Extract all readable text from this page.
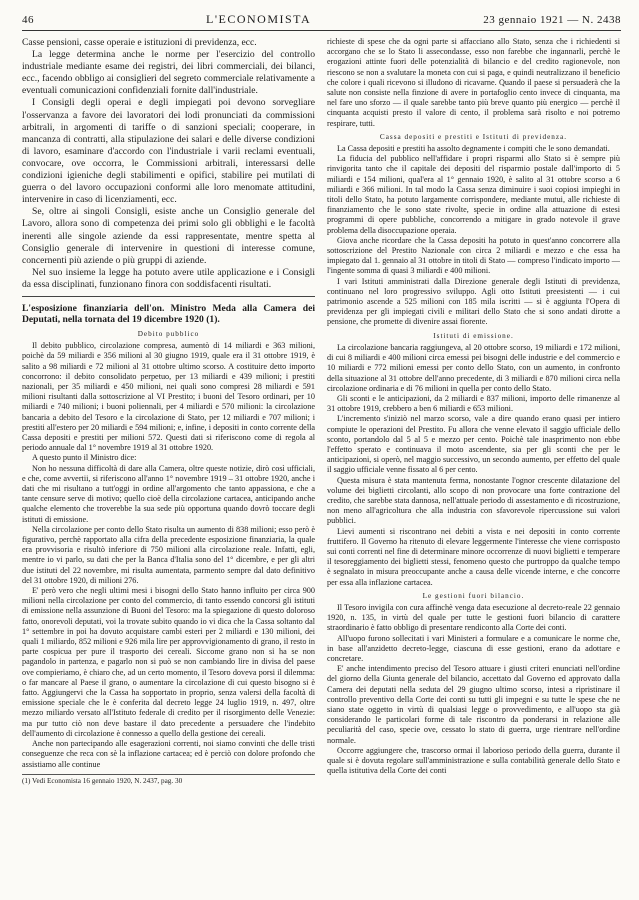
46	L'ECONOMISTA	23 gennaio 1921 — N. 2438

Casse pensioni, casse operaie e istituzioni di previdenza, ecc.

La legge determina anche le norme per l'esercizio del controllo industriale mediante esame dei registri, dei libri commerciali, dei bilanci, ecc., facendo obbligo ai consiglieri del segreto commerciale relativamente a eventuali comunicazioni confidenziali fornite dall'industriale.

I Consigli degli operai e degli impiegati poi devono sorvegliare l'osservanza a favore dei lavoratori dei lodi pronunciati da commissioni arbitrali, in argomenti di tariffe o di sanzioni speciali; cooperare, in mancanza di contratti, alla stipulazione dei salari e delle diverse condizioni di lavoro, esaminare d'accordo con l'industriale i varii reclami eventuali, convocare, ove occorra, le Commissioni arbitrali, interessarsi delle condizioni igieniche degli stabilimenti e opifici, stabilire pei mutilati di guerra o del lavoro occupazioni conformi alle loro menomate attitudini, intervenire in caso di licenziamenti, ecc.

Se, oltre ai singoli Consigli, esiste anche un Consiglio generale del Lavoro, allora sono di competenza dei primi solo gli obblighi e le facoltà inerenti alle singole aziende da essi rappresentate, mentre spetta al Consiglio generale di intervenire in questioni di interesse comune, concernenti più aziende o più gruppi di aziende.

Nel suo insieme la legge ha potuto avere utile applicazione e i Consigli da essa disciplinati, funzionano finora con soddisfacenti risultati.

L'esposizione finanziaria dell'on. Ministro Meda alla Camera dei Deputati, nella tornata del 19 dicembre 1920 (1).
Debito pubblico

Il debito pubblico, circolazione compresa, aumentò di 14 miliardi e 363 milioni, poichè da 59 miliardi e 356 milioni al 30 giugno 1919, quale era il 31 ottobre 1919, è salito a 98 miliardi e 72 milioni al 31 ottobre ultimo scorso. A costituire detto importo concorrono: il debito consolidato perpetuo, per 13 miliardi e 439 milioni; i prestiti nazionali, per 35 miliardi e 450 milioni, nei quali sono compresi 28 miliardi e 591 milioni risultanti dalla sottoscrizione al VI Prestito; i buoni del Tesoro ordinari, per 10 miliardi e 740 milioni; i buoni poliennali, per 4 miliardi e 570 milioni: la circolazione bancaria a debito del Tesoro e la circolazione di Stato, per 12 miliardi e 707 milioni; i prestiti all'estero per 20 miliardi e 594 milioni; e, infine, i depositi in conto corrente della Cassa depositi e prestiti per milioni 572. Questi dati si riferiscono come di regola al periodo annuale dal 1° novembre 1919 al 31 ottobre 1920.

A questo punto il Ministro dice:

Non ho nessuna difficoltà di dare alla Camera, oltre queste notizie, dirò così ufficiali, e che, come avvertii, si riferiscono all'anno 1° novembre 1919 – 31 ottobre 1920, anche i dati che mi risultano a tutt'oggi in ordine all'argomento che tanto appassiona, e che a tante censure serve di motivo; quello cioè della circolazione cartacea, anticipando anche qualche elemento che troverebbe la sua sede più opportuna quando dovrò toccare degli istituti di emissione.

Nella circolazione per conto dello Stato risulta un aumento di 838 milioni; esso però è figurativo, perchè rapportato alla cifra della precedente esposizione finanziaria, la quale era provvisoria e risultò inferiore di 750 milioni alla circolazione reale. Infatti, egli, mentre io vi parlo, su dati che per la Banca d'Italia sono del 1° dicembre, e per gli altri due istituti del 22 novembre, mi risulta aumentata, parmento sempre dal dato definitivo del 31 ottobre 1920, di milioni 276.

E' però vero che negli ultimi mesi i bisogni dello Stato hanno influito per circa 900 milioni nella circolazione per conto del commercio, di tanto essendo concorsi gli istituti di emissione nella assunzione di Buoni del Tesoro: ma la spiegazione di questo doloroso fatto, onorevoli deputati, voi la trovate subito quando io vi dica che la Cassa soltanto dal 1° settembre in poi ha dovuto acquistare cambi esteri per 2 miliardi e 130 milioni, dei quali 1 miliardo, 852 milioni e 926 mila lire per approvvigionamento di grano, il resto in parte cospicua per pure il trasporto dei cereali. Siccome grano non si ha se non pagandolo in partenza, e pagarlo non si può se non cambiando lire in divisa del paese ove compieriamo, è chiaro che, ad un certo momento, il Tesoro doveva porsi il dilemma: o far mancare al Paese il grano, o aumentare la circolazione di cui questo bisogno si è fatto. Aggiungervi che la Cassa ha sopportato in proprio, senza valersi della facoltà di emissione speciale che le è conferita dal decreto legge 24 luglio 1919, n. 497, oltre mezzo miliardo versato all'Istituto federale di credito per il risorgimento delle Venezie: ma pur tutto ciò non deve bastare il dato precedente a persuadere che l'indebito dell'aumento di circolazione è connesso a quello della gestione dei cereali.

Anche non partecipando alle esagerazioni correnti, noi siamo convinti che delle tristi conseguenze che reca con sè la inflazione cartacea; ed è perciò con dolore profondo che assistiamo alle continue

(1) Vedi Economista 16 gennaio 1920, N. 2437, pag. 30

richieste di spese che da ogni parte si affacciano allo Stato, senza che i richiedenti si accorgano che se lo Stato li assecondasse, esso non farebbe che ingannarli, perchè le erogazioni attinte fuori delle potenzialità di bilancio e del credito ragionevole, non riescono se non a svalutare la moneta con cui si paga, e quindi neutralizzano il beneficio che colore i quali ricevono si illudono di ricavarne. Quando il paese si persuaderà che la salute non consiste nella finzione di avere in portafoglio cento invece di cinquanta, ma nel fare uno sforzo — il quale sarebbe tanto più breve quanto più energico — perchè il cinquanta acquisti presto il valore di cento, il problema sarà risolto e noi potremo respirare, tutti.

Cassa depositi e prestiti e Istituti di previdenza.

La Cassa depositi e prestiti ha assolto degnamente i compiti che le sono demandati.

La fiducia del pubblico nell'affidare i propri risparmi allo Stato si è sempre più rinvigorita tanto che il capitale dei depositi del risparmio postale dall'importo di 5 miliardi e 154 milioni, qual'era al 1° gennaio 1920, è salito al 31 ottobre scorso a 6 miliardi e 366 milioni. In tal modo la Cassa senza diminuire i suoi copiosi impieghi in titoli dello Stato, ha potuto largamente corrispondere, mediante mutui, alle richieste di finanziamento che le sono state rivolte, specie in ordine alla attuazione di estesi programmi di opere pubbliche, concorrendo a mitigare in grado notevole il grave problema della disoccupazione operaia.

Giova anche ricordare che la Cassa depositi ha potuto in quest'anno concorrere alla sottoscrizione del Prestito Nazionale con circa 2 miliardi e mezzo e che essa ha impiegato dal 1. gennaio al 31 ottobre in titoli di Stato — compreso l'indicato importo — l'ingente somma di quasi 3 miliardi e 400 milioni.

I vari Istituti amministrati dalla Direzione generale degli Istituti di previdenza, continuano nel loro progressivo sviluppo. Agli otto Istituti preesistenti — i cui patrimonio ascende a 525 milioni con 185 mila iscritti — si è aggiunta l'Opera di previdenza per gli impiegati civili e militari dello Stato che si sono andati dirotte a pensione, che promette di divenire assai fiorente.

Istituti di emissione.

La circolazione bancaria raggiungeva, al 20 ottobre scorso, 19 miliardi e 172 milioni, di cui 8 miliardi e 400 milioni circa emessi pei bisogni delle industrie e del commercio e 10 miliardi e 772 milioni emessi per conto dello Stato, con un aumento, in confronto della situazione al 31 ottobre dell'anno precedente, di 3 miliardi e 870 milioni circa nella circolazione ordinaria e di 76 milioni in quella per conto dello Stato.

Gli sconti e le anticipazioni, da 2 miliardi e 837 milioni, importo delle rimanenze al 31 ottobre 1919, crebbero a ben 6 miliardi e 653 milioni.

L'incremento s'iniziò nel marzo scorso, vale a dire quando erano quasi per intiero compiute le operazioni del Prestito. Fu allora che venne elevato il saggio ufficiale dello sconto, portandolo dal 5 al 5 e mezzo per cento. Poichè tale inasprimento non ebbe l'effetto sperato e continuava il moto ascendente, sia per gli sconti che per le anticipazioni, si operò, nel maggio successivo, un secondo aumento, per effetto del quale il saggio ufficiale venne fissato al 6 per cento.

Questa misura è stata mantenuta ferma, nonostante l'ognor crescente dilatazione del volume dei biglietti circolanti, allo scopo di non provocare una forte contrazione del credito, che sarebbe stata dannosa, nell'attuale periodo di assestamento e di ricostruzione, non meno all'agricoltura che alla industria con sfavorevole ripercussione sui valori pubblici.

Lievi aumenti si riscontrano nei debiti a vista e nei depositi in conto corrente fruttifero. Il Governo ha ritenuto di elevare leggermente l'interesse che viene corrisposto sui conti correnti nel fine di determinare minore occorrenze di nuovi biglietti e temperare il tesoreggiamento dei biglietti stessi, fenomeno questo che purtroppo da qualche tempo è segnalato in misura preoccupante anche a causa delle vicende interne, e che concorre per essa alla inflazione cartacea.

Le gestioni fuori bilancio.

Il Tesoro invigila con cura affinchè venga data esecuzione al decreto-reale 22 gennaio 1920, n. 135, in virtù del quale per tutte le gestioni fuori bilancio di carattere straordinario è fatto obbligo di presentare rendiconto alla Corte dei conti.

All'uopo furono sollecitati i vari Ministeri a formulare e a comunicare le norme che, in base all'anzidetto decreto-legge, ciascuna di esse gestioni, erano da adottare e concretare.

E' anche intendimento preciso del Tesoro attuare i giusti criteri enunciati nell'ordine del giorno della Giunta generale del bilancio, accettato dal Governo ed approvato dalla Camera dei deputati nella seduta del 29 giugno ultimo scorso, intesi a ripristinare il controllo preventivo della Corte dei conti su tutti gli impegni e su tutte le spese che ne siano state oggetto in virtù di qualsiasi legge o provvedimento, e all'uopo sta già considerando le particolari forme di tale riscontro da ponderarsi in relazione alle peculiarità del caso, specie ove, cessato lo stato di guerra, urge rientrare nell'ordine normale.

Occorre aggiungere che, trascorso ormai il laborioso periodo della guerra, durante il quale si è dovuta regolare sull'amministrazione e sulla contabilità generale dello Stato e quella istitutiva della Corte dei conti
